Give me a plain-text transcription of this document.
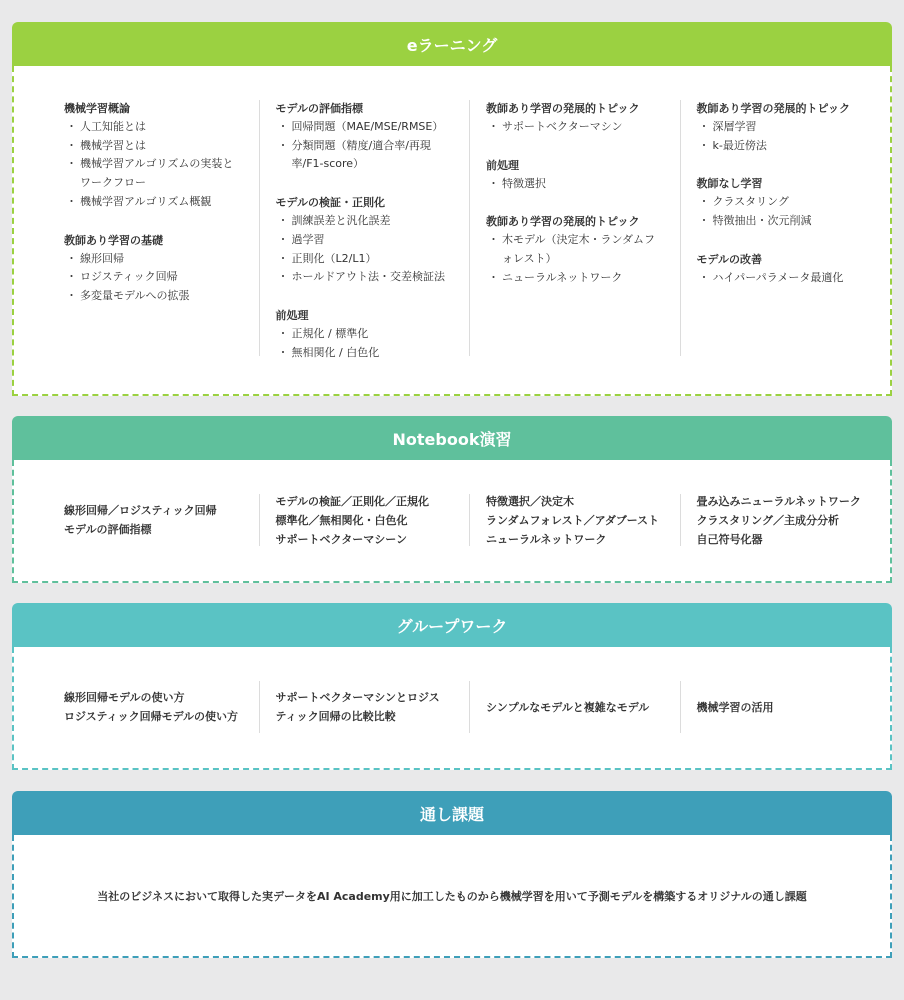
eラーニング
機械学習概論
・ 人工知能とは
・ 機械学習とは
・ 機械学習アルゴリズムの実装とワークフロー
・ 機械学習アルゴリズム概観
教師あり学習の基礎
・ 線形回帰
・ ロジスティック回帰
・ 多変量モデルへの拡張
モデルの評価指標
・ 回帰問題（MAE/MSE/RMSE）
・ 分類問題（精度/適合率/再現率/F1-score）
モデルの検証・正則化
・ 訓練誤差と汎化誤差
・ 過学習
・ 正則化（L2/L1）
・ ホールドアウト法・交差検証法
前処理
・ 正規化 / 標準化
・ 無相関化 / 白色化
教師あり学習の発展的トピック
・ サポートベクターマシン
前処理
・ 特徴選択
教師あり学習の発展的トピック
・ 木モデル（決定木・ランダムフォレスト）
・ ニューラルネットワーク
教師あり学習の発展的トピック
・ 深層学習
・ k-最近傍法
教師なし学習
・ クラスタリング
・ 特徴抽出・次元削減
モデルの改善
・ ハイパーパラメータ最適化
Notebook演習
線形回帰／ロジスティック回帰
モデルの評価指標
モデルの検証／正則化／正規化
標準化／無相関化・白色化
サポートベクターマシーン
特徴選択／決定木
ランダムフォレスト／アダブースト
ニューラルネットワーク
畳み込みニューラルネットワーク
クラスタリング／主成分分析
自己符号化器
グループワーク
線形回帰モデルの使い方
ロジスティック回帰モデルの使い方
サポートベクターマシンとロジス
ティック回帰の比較比較
シンプルなモデルと複雑なモデル	機械学習の活用
通し課題
当社のビジネスにおいて取得した実データをAI Academy用に加工したものから機械学習を用いて予測モデルを構築するオリジナルの通し課題
